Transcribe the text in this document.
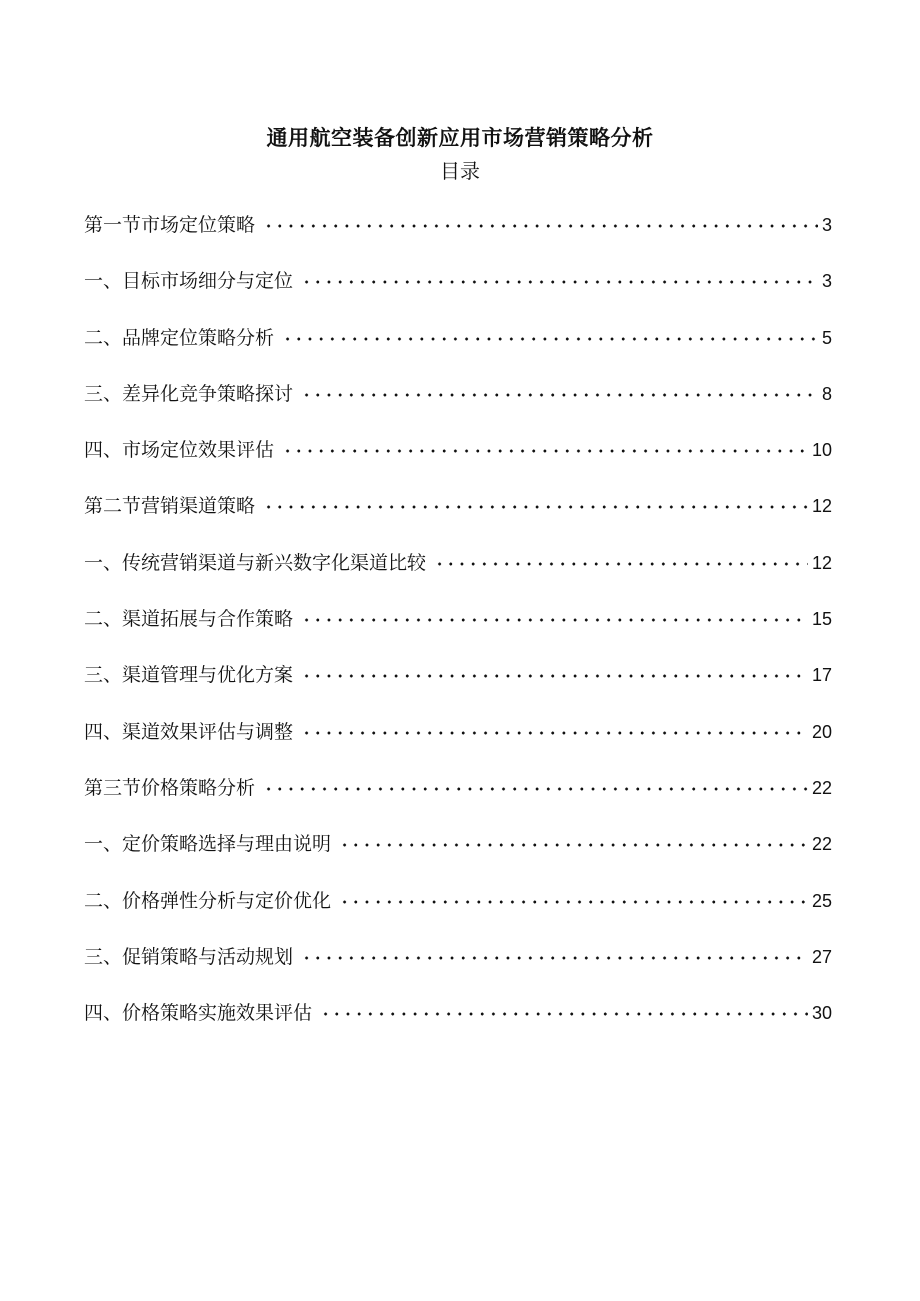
通用航空装备创新应用市场营销策略分析
目录
第一节市场定位策略	3
一、目标市场细分与定位	3
二、品牌定位策略分析	5
三、差异化竞争策略探讨	8
四、市场定位效果评估	10
第二节营销渠道策略	12
一、传统营销渠道与新兴数字化渠道比较	12
二、渠道拓展与合作策略	15
三、渠道管理与优化方案	17
四、渠道效果评估与调整	20
第三节价格策略分析	22
一、定价策略选择与理由说明	22
二、价格弹性分析与定价优化	25
三、促销策略与活动规划	27
四、价格策略实施效果评估	30
